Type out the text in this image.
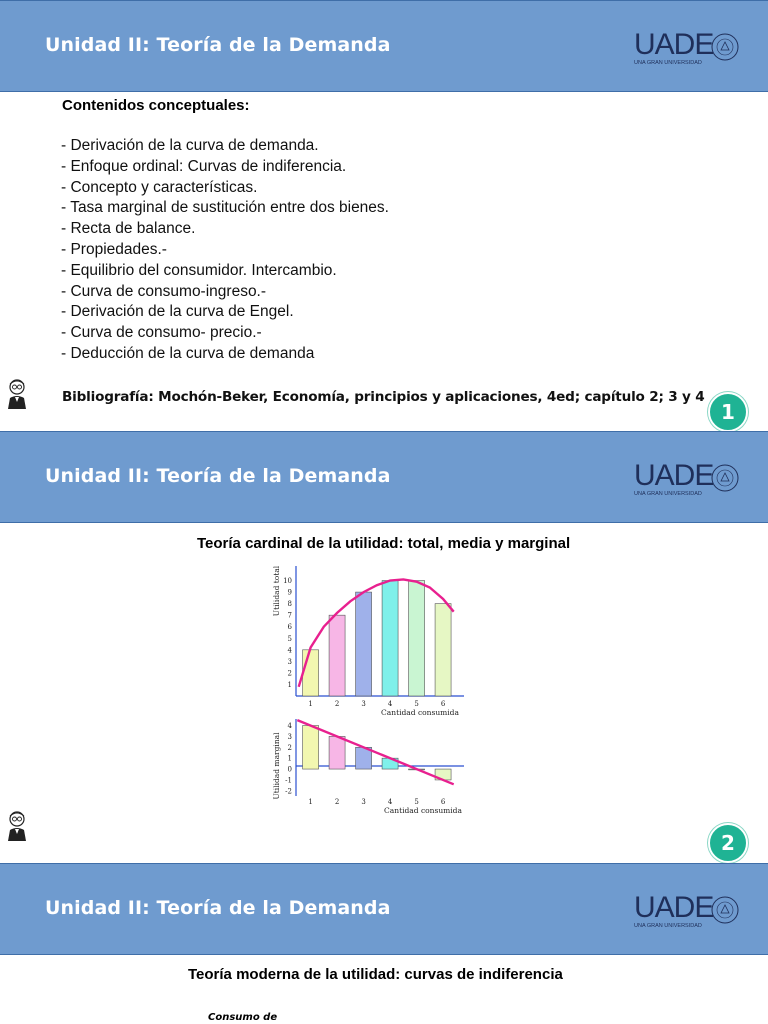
Unidad II: Teoría de la Demanda	UADE
UNA GRAN UNIVERSIDAD
Contenidos conceptuales:
- Derivación de la curva de demanda.
- Enfoque ordinal: Curvas de indiferencia.
- Concepto y características.
- Tasa marginal de sustitución entre dos bienes.
- Recta de balance.
- Propiedades.-
- Equilibrio del consumidor. Intercambio.
- Curva de consumo-ingreso.-
- Derivación de la curva de Engel.
- Curva de consumo- precio.-
- Deducción de la curva de demanda
Bibliografía: Mochón-Beker, Economía, principios y aplicaciones, 4ed; capítulo 2; 3 y 4
1
Unidad II: Teoría de la Demanda	UADE
UNA GRAN UNIVERSIDAD
Teoría cardinal de la utilidad: total, media y marginal
1
2
3
4
5
6
7
8
9
10
1	2	3	4	5	6
Utilidad total
Cantidad consumida
4
3
2
1
0
-1
-2
1	2	3	4	5	6
Utilidad marginal
Cantidad consumida
2
Unidad II: Teoría de la Demanda	UADE
UNA GRAN UNIVERSIDAD
Teoría moderna de la utilidad: curvas de indiferencia
Consumo de
